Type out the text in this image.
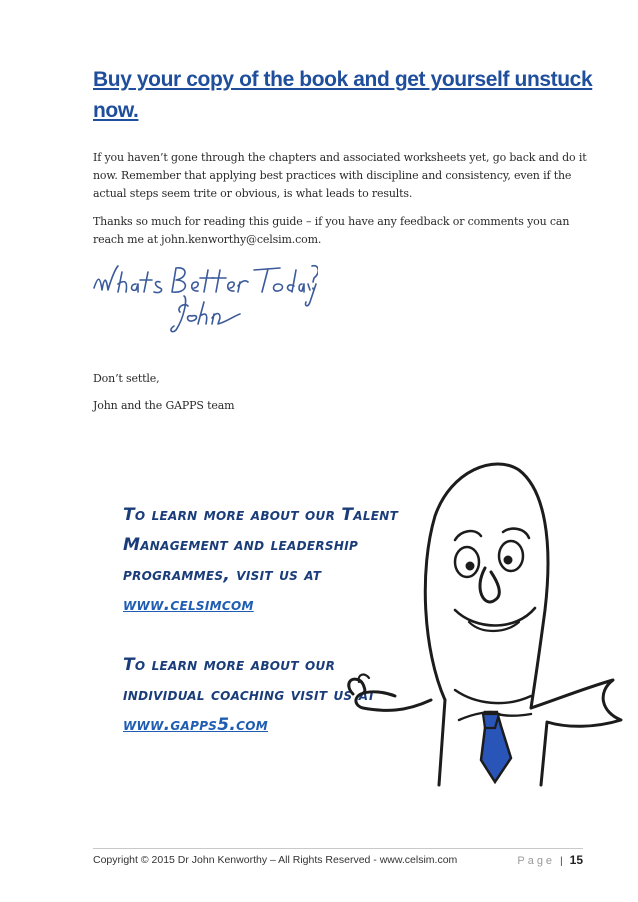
Buy your copy of the book and get yourself unstuck now.

If you haven’t gone through the chapters and associated worksheets yet, go back and do it now. Remember that applying best practices with discipline and consistency, even if the actual steps seem trite or obvious, is what leads to results.

Thanks so much for reading this guide – if you have any feedback or comments you can reach me at john.kenworthy@celsim.com.

Don’t settle,

John and the GAPPS team

To learn more about our Talent Management and leadership programmes, visit us at www.celsimcom
To learn more about our individual coaching visit us at www.gapps5.com
Copyright © 2015 Dr John Kenworthy – All Rights Reserved - www.celsim.com	Page | 15
